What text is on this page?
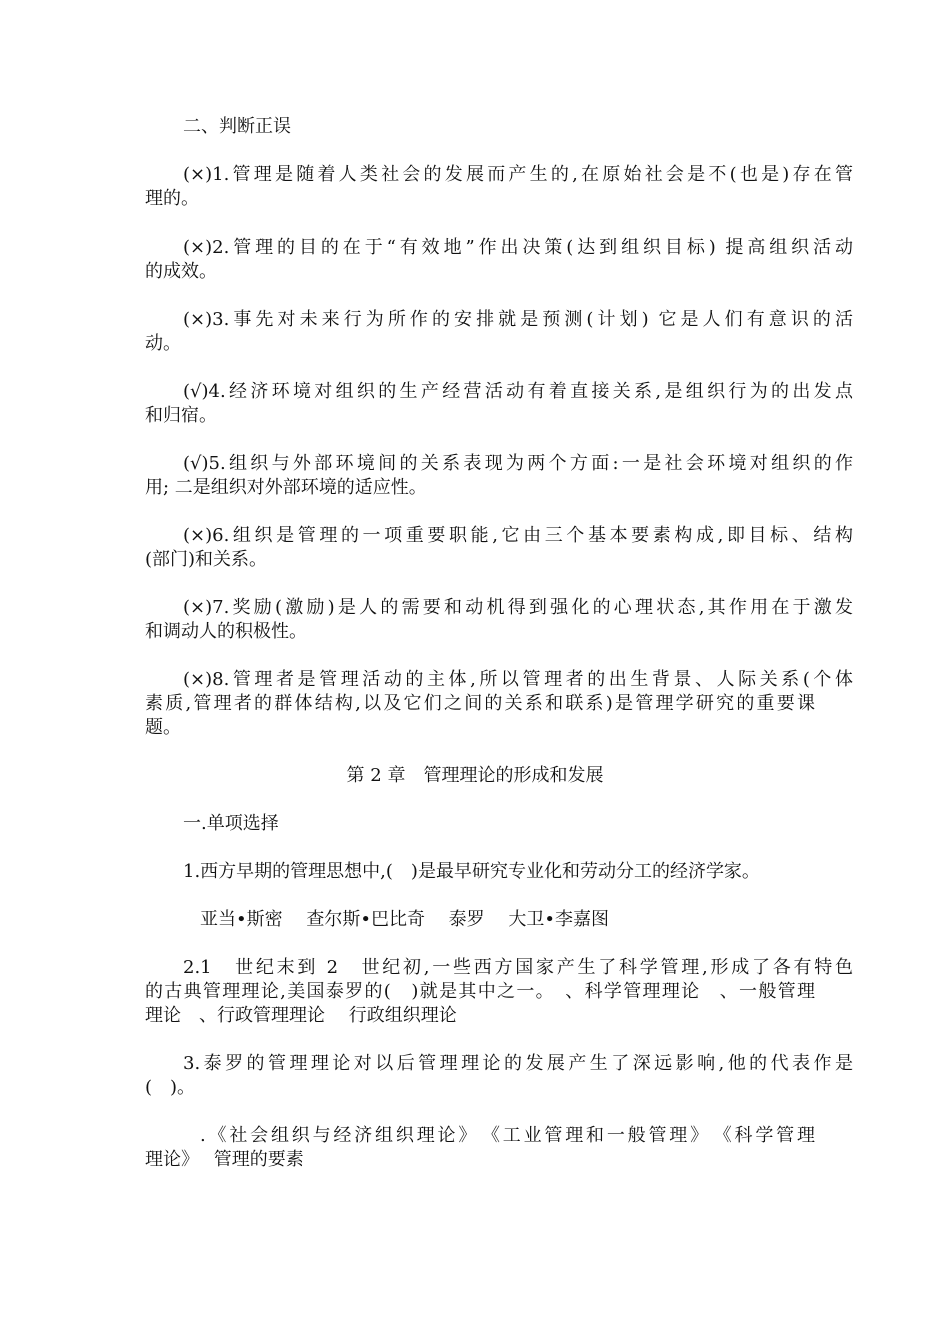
二、判断正误
(×)1.管理是随着人类社会的发展而产生的,在原始社会是不(也是)存在管
理的。
(×)2.管理的目的在于“有效地”作出决策(达到组织目标) 提高组织活动
的成效。
(×)3.事先对未来行为所作的安排就是预测(计划) 它是人们有意识的活
动。
(√)4.经济环境对组织的生产经营活动有着直接关系,是组织行为的出发点
和归宿。
(√)5.组织与外部环境间的关系表现为两个方面:一是社会环境对组织的作
用; 二是组织对外部环境的适应性。
(×)6.组织是管理的一项重要职能,它由三个基本要素构成,即目标、结构
(部门)和关系。
(×)7.奖励(激励)是人的需要和动机得到强化的心理状态,其作用在于激发
和调动人的积极性。
(×)8.管理者是管理活动的主体,所以管理者的出生背景、人际关系(个体
素质,管理者的群体结构,以及它们之间的关系和联系)是管理学研究的重要课
题。
第 2 章　管理理论的形成和发展
一.单项选择
1.西方早期的管理思想中,(　)是最早研究专业化和劳动分工的经济学家。
亚当•斯密　 查尔斯•巴比奇　 泰罗　 大卫•李嘉图
2.1　世纪末到 2　世纪初,一些西方国家产生了科学管理,形成了各有特色
的古典管理理论,美国泰罗的(　)就是其中之一。　、科学管理理论　、一般管理
理论　、行政管理理论　 行政组织理论
3.泰罗的管理理论对以后管理理论的发展产生了深远影响,他的代表作是
(　)。
.《社会组织与经济组织理论》　《工业管理和一般管理》　《科学管理
理论》　 管理的要素
